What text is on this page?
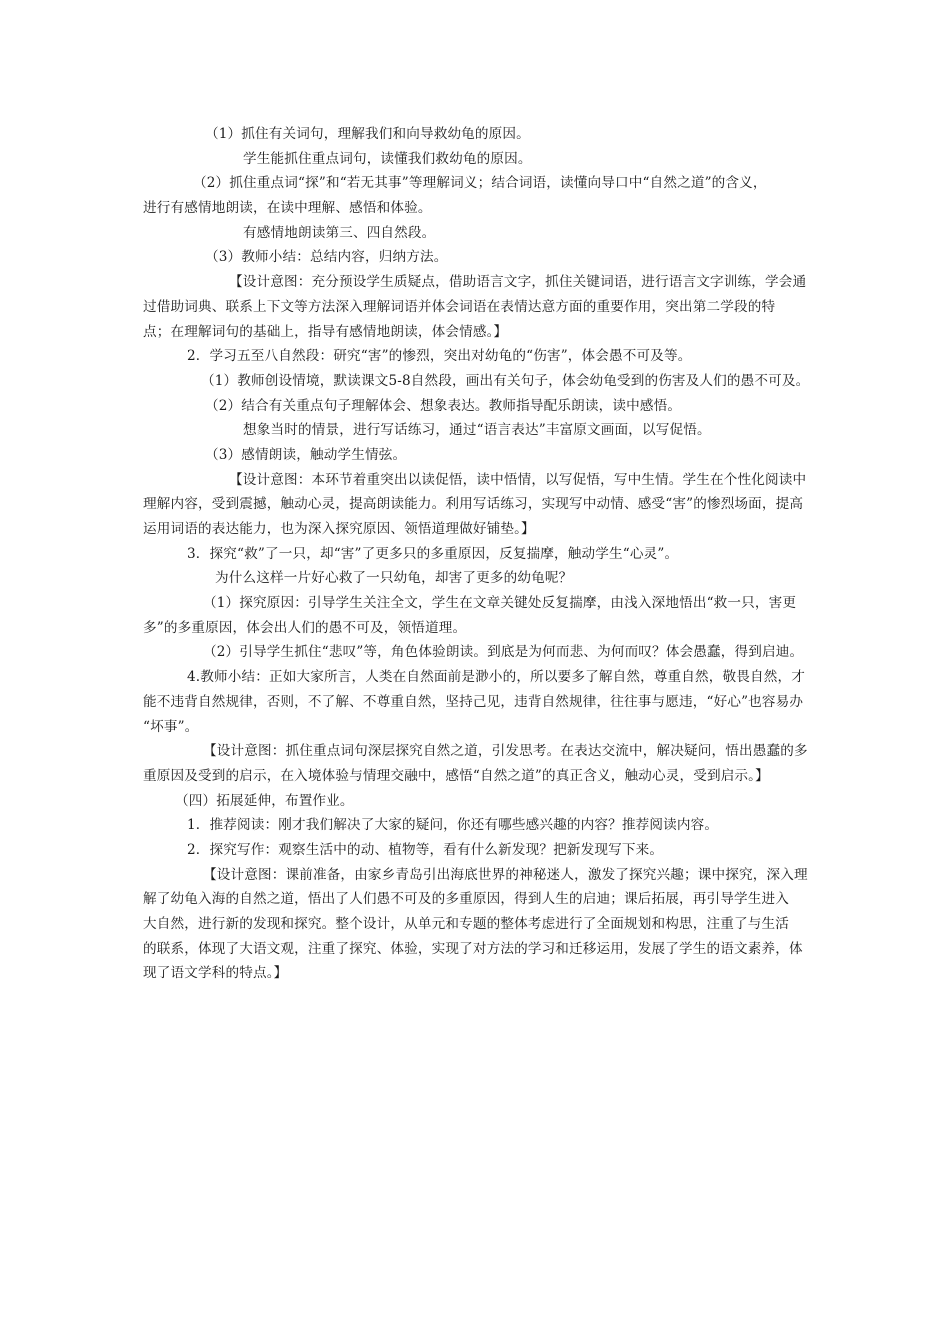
（1）抓住有关词句，理解我们和向导救幼龟的原因。
学生能抓住重点词句，读懂我们救幼龟的原因。
（2）抓住重点词“探”和“若无其事”等理解词义；结合词语，读懂向导口中“自然之道”的含义，
进行有感情地朗读，在读中理解、感悟和体验。
有感情地朗读第三、四自然段。
（3）教师小结：总结内容，归纳方法。
【设计意图：充分预设学生质疑点，借助语言文字，抓住关键词语，进行语言文字训练，学会通
过借助词典、联系上下文等方法深入理解词语并体会词语在表情达意方面的重要作用，突出第二学段的特
点；在理解词句的基础上，指导有感情地朗读，体会情感。】
2．学习五至八自然段：研究“害”的惨烈，突出对幼龟的“伤害”，体会愚不可及等。
（1）教师创设情境，默读课文5-8自然段，画出有关句子，体会幼龟受到的伤害及人们的愚不可及。
（2）结合有关重点句子理解体会、想象表达。教师指导配乐朗读，读中感悟。
想象当时的情景，进行写话练习，通过“语言表达”丰富原文画面，以写促悟。
（3）感情朗读，触动学生情弦。
【设计意图：本环节着重突出以读促悟，读中悟情，以写促悟，写中生情。学生在个性化阅读中
理解内容，受到震撼，触动心灵，提高朗读能力。利用写话练习，实现写中动情、感受“害”的惨烈场面，提高
运用词语的表达能力，也为深入探究原因、领悟道理做好铺垫。】
3．探究“救”了一只，却“害”了更多只的多重原因，反复揣摩，触动学生“心灵”。
为什么这样一片好心救了一只幼龟，却害了更多的幼龟呢？
（1）探究原因：引导学生关注全文，学生在文章关键处反复揣摩，由浅入深地悟出“救一只，害更
多”的多重原因，体会出人们的愚不可及，领悟道理。
（2）引导学生抓住“悲叹”等，角色体验朗读。到底是为何而悲、为何而叹？体会愚蠢，得到启迪。
4.教师小结：正如大家所言，人类在自然面前是渺小的，所以要多了解自然，尊重自然，敬畏自然，才
能不违背自然规律，否则，不了解、不尊重自然，坚持己见，违背自然规律，往往事与愿违，“好心”也容易办
“坏事”。
【设计意图：抓住重点词句深层探究自然之道，引发思考。在表达交流中，解决疑问，悟出愚蠢的多
重原因及受到的启示，在入境体验与情理交融中，感悟“自然之道”的真正含义，触动心灵，受到启示。】
（四）拓展延伸，布置作业。
1．推荐阅读：刚才我们解决了大家的疑问，你还有哪些感兴趣的内容？推荐阅读内容。
2．探究写作：观察生活中的动、植物等，看有什么新发现？把新发现写下来。
【设计意图：课前准备，由家乡青岛引出海底世界的神秘迷人，激发了探究兴趣；课中探究，深入理
解了幼龟入海的自然之道，悟出了人们愚不可及的多重原因，得到人生的启迪；课后拓展，再引导学生进入
大自然，进行新的发现和探究。整个设计，从单元和专题的整体考虑进行了全面规划和构思，注重了与生活
的联系，体现了大语文观，注重了探究、体验，实现了对方法的学习和迁移运用，发展了学生的语文素养，体
现了语文学科的特点。】
